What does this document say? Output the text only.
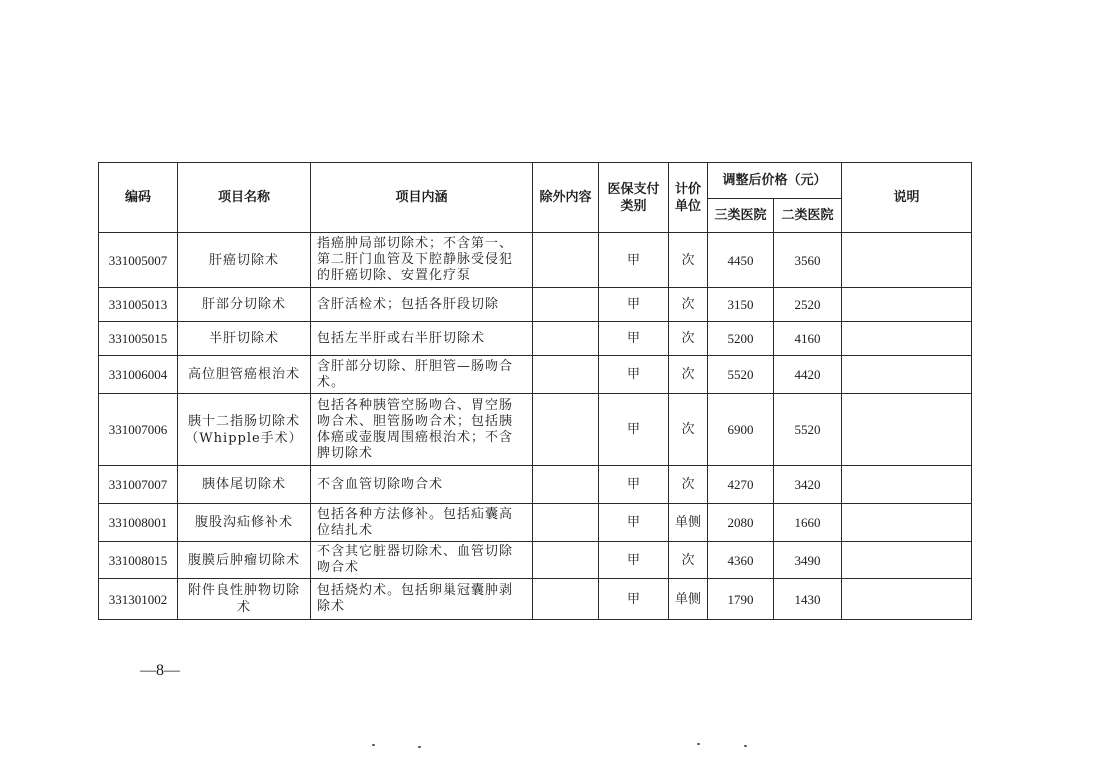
编码	项目名称	项目内涵	除外内容	医保支付类别	计价单位	调整后价格（元）		说明
						三类医院	二类医院	
331005007	肝癌切除术	指癌肿局部切除术；不含第一、第二肝门血管及下腔静脉受侵犯的肝癌切除、安置化疗泵		甲	次	4450	3560	
331005013	肝部分切除术	含肝活检术；包括各肝段切除		甲	次	3150	2520	
331005015	半肝切除术	包括左半肝或右半肝切除术		甲	次	5200	4160	
331006004	高位胆管癌根治术	含肝部分切除、肝胆管—肠吻合术。		甲	次	5520	4420	
331007006	胰十二指肠切除术（Whipple手术）	包括各种胰管空肠吻合、胃空肠吻合术、胆管肠吻合术；包括胰体癌或壶腹周围癌根治术；不含脾切除术		甲	次	6900	5520	
331007007	胰体尾切除术	不含血管切除吻合术		甲	次	4270	3420	
331008001	腹股沟疝修补术	包括各种方法修补。包括疝囊高位结扎术		甲	单侧	2080	1660	
331008015	腹膜后肿瘤切除术	不含其它脏器切除术、血管切除吻合术		甲	次	4360	3490	
331301002	附件良性肿物切除术	包括烧灼术。包括卵巢冠囊肿剥除术		甲	单侧	1790	1430	
—8—
